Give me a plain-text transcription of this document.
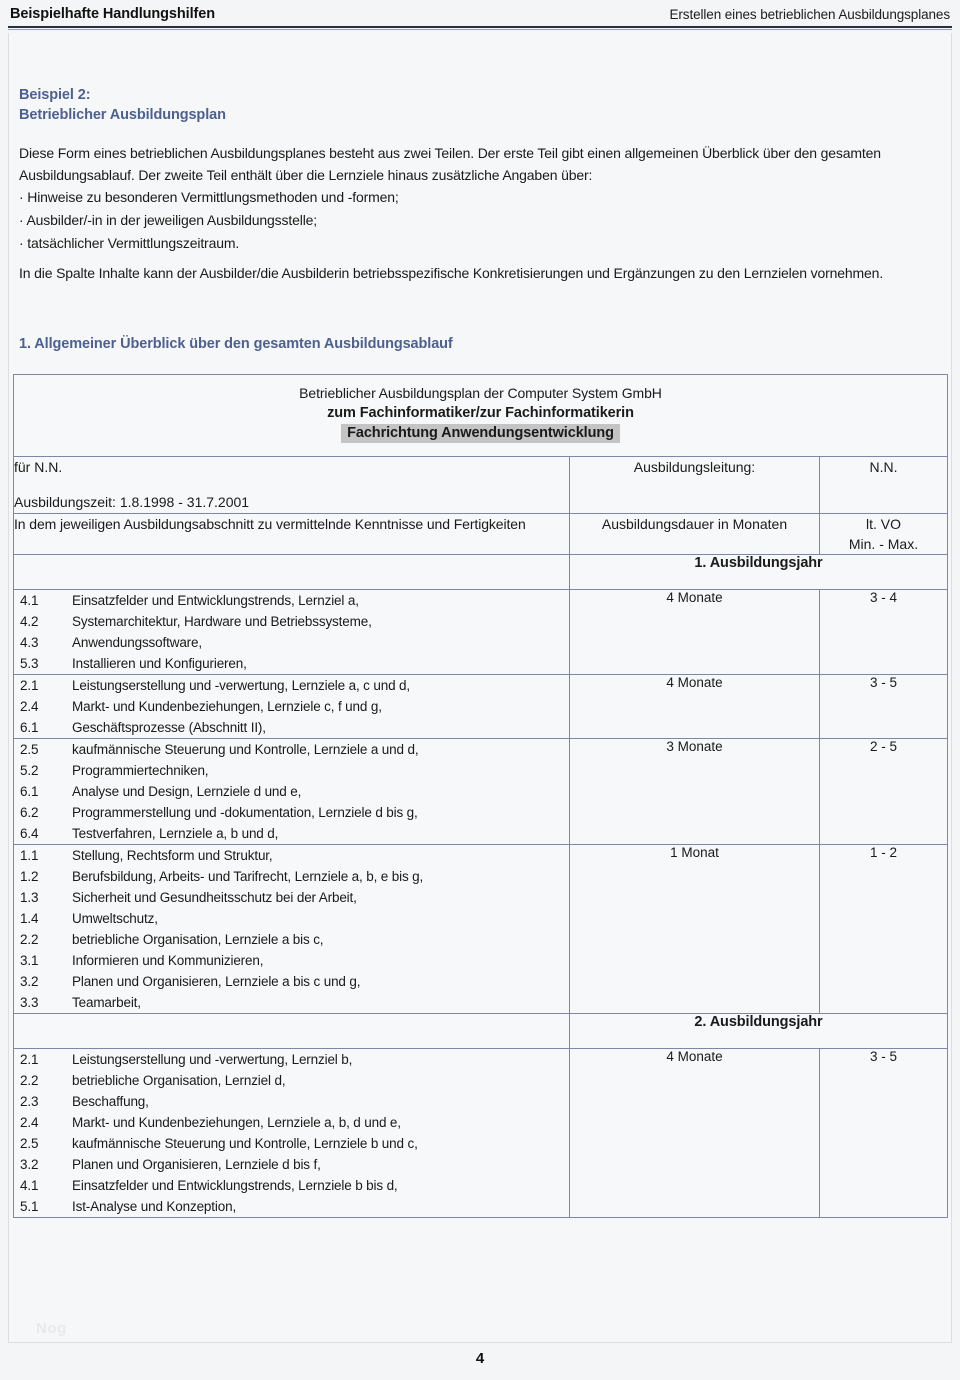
Beispielhafte Handlungshilfen	Erstellen eines betrieblichen Ausbildungsplanes
Beispiel 2:
Betrieblicher Ausbildungsplan
Diese Form eines betrieblichen Ausbildungsplanes besteht aus zwei Teilen. Der erste Teil gibt einen allgemeinen Überblick über den gesamten Ausbildungsablauf. Der zweite Teil enthält über die Lernziele hinaus zusätzliche Angaben über:
· Hinweise zu besonderen Vermittlungsmethoden und -formen;
· Ausbilder/-in in der jeweiligen Ausbildungsstelle;
· tatsächlicher Vermittlungszeitraum.
In die Spalte Inhalte kann der Ausbilder/die Ausbilderin betriebsspezifische Konkretisierungen und Ergänzungen zu den Lernzielen vornehmen.
1. Allgemeiner Überblick über den gesamten Ausbildungsablauf
Betrieblicher Ausbildungsplan der Computer System GmbH
zum Fachinformatiker/zur Fachinformatikerin
Fachrichtung Anwendungsentwicklung

für N.N.
Ausbildungszeit: 1.8.1998 - 31.7.2001

Ausbildungsleitung:	N.N.

In dem jeweiligen Ausbildungsabschnitt zu vermittelnde Kenntnisse und Fertigkeiten	Ausbildungsdauer in Monaten	lt. VO
Min. - Max.

	1. Ausbildungsjahr

4.1	Einsatzfelder und Entwicklungstrends, Lernziel a,
4.2	Systemarchitektur, Hardware und Betriebssysteme,
4.3	Anwendungssoftware,
5.3	Installieren und Konfigurieren,
	4 Monate	3 - 4

2.1	Leistungserstellung und -verwertung, Lernziele a, c und d,
2.4	Markt- und Kundenbeziehungen, Lernziele c, f und g,
6.1	Geschäftsprozesse (Abschnitt II),
	4 Monate	3 - 5

2.5	kaufmännische Steuerung und Kontrolle, Lernziele a und d,
5.2	Programmiertechniken,
6.1	Analyse und Design, Lernziele d und e,
6.2	Programmerstellung und -dokumentation, Lernziele d bis g,
6.4	Testverfahren, Lernziele a, b und d,
	3 Monate	2 - 5

1.1	Stellung, Rechtsform und Struktur,
1.2	Berufsbildung, Arbeits- und Tarifrecht, Lernziele a, b, e bis g,
1.3	Sicherheit und Gesundheitsschutz bei der Arbeit,
1.4	Umweltschutz,
2.2	betriebliche Organisation, Lernziele a bis c,
3.1	Informieren und Kommunizieren,
3.2	Planen und Organisieren, Lernziele a bis c und g,
3.3	Teamarbeit,
	1 Monat	1 - 2
	2. Ausbildungsjahr

2.1	Leistungserstellung und -verwertung, Lernziel b,
2.2	betriebliche Organisation, Lernziel d,
2.3	Beschaffung,
2.4	Markt- und Kundenbeziehungen, Lernziele a, b, d und e,
2.5	kaufmännische Steuerung und Kontrolle, Lernziele b und c,
3.2	Planen und Organisieren, Lernziele d bis f,
4.1	Einsatzfelder und Entwicklungstrends, Lernziele b bis d,
5.1	Ist-Analyse und Konzeption,
	4 Monate	3 - 5
Nog
4
